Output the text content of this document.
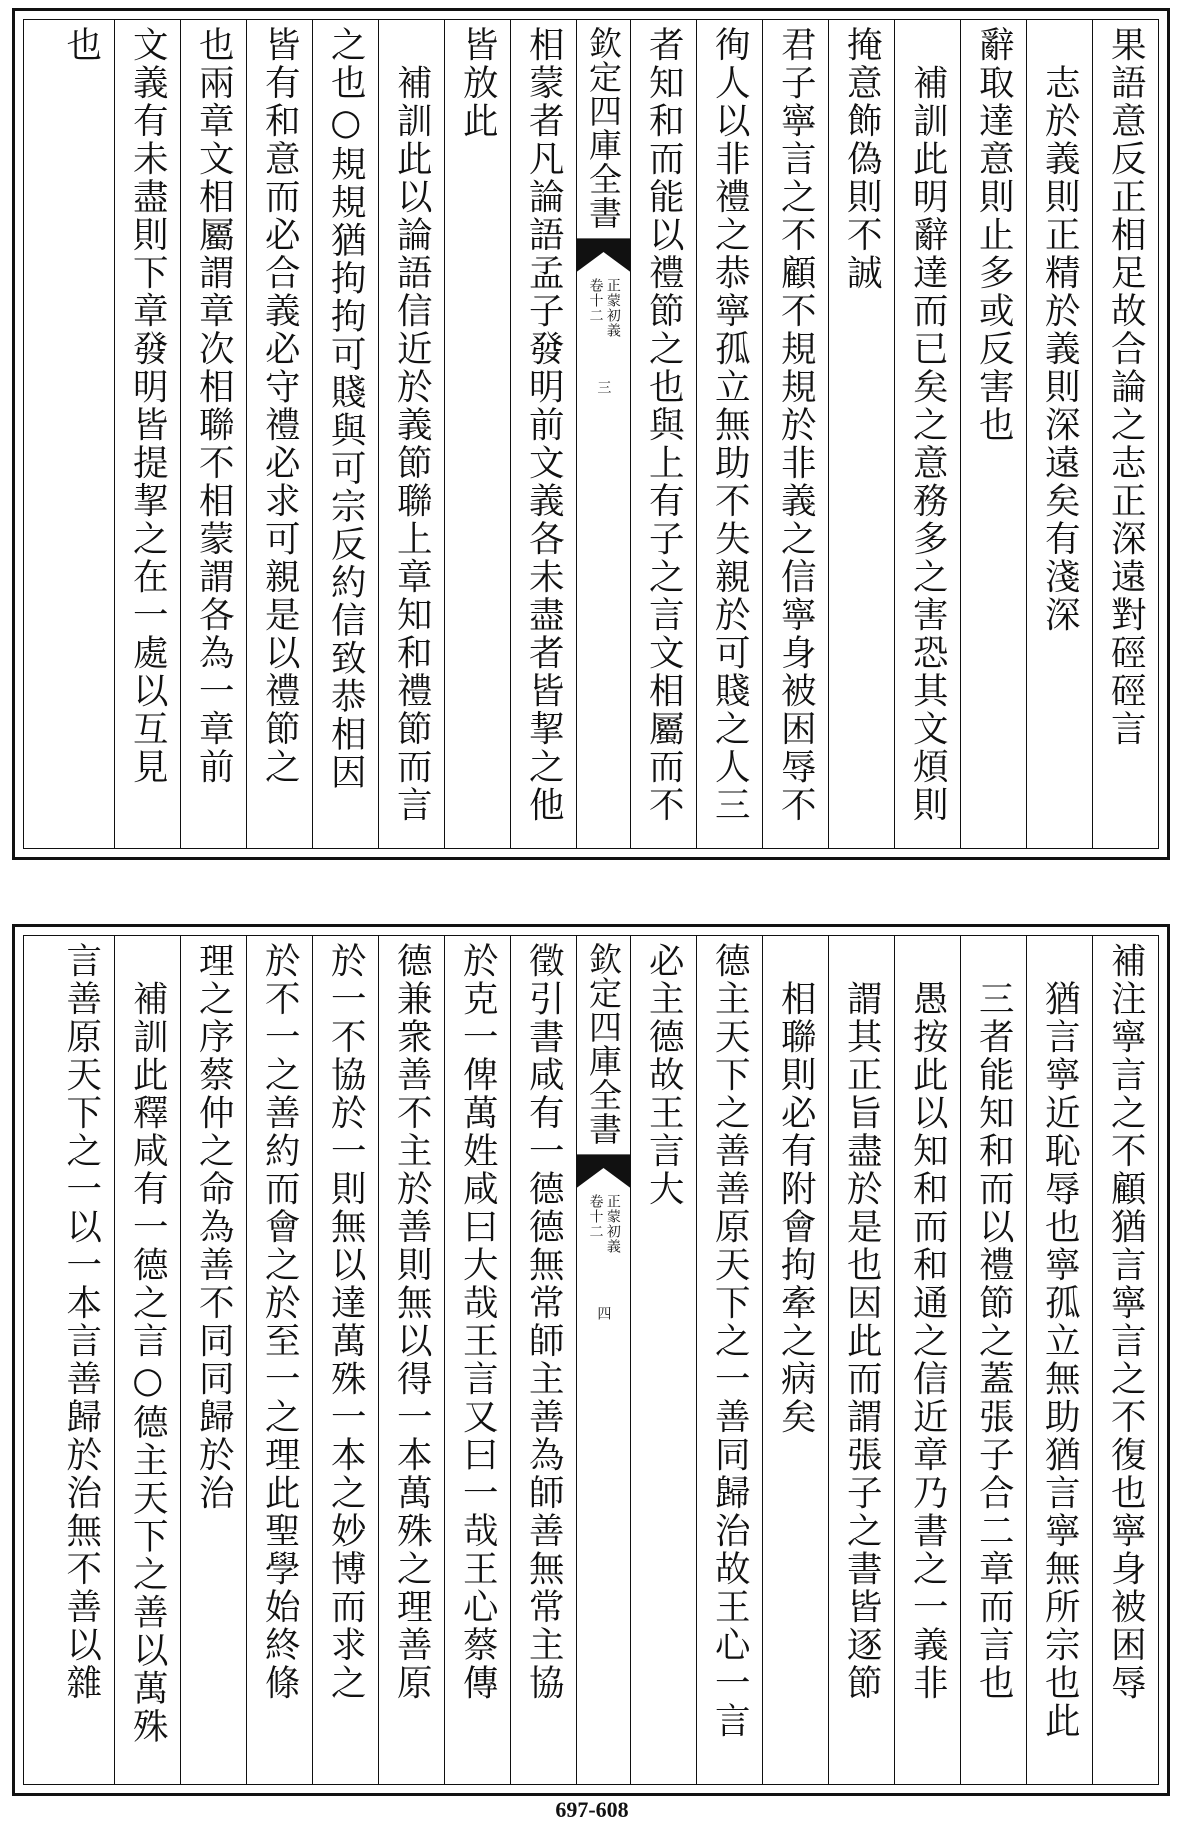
果語意反正相足故合論之志正深遠對硜硜言
志於義則正精於義則深遠矣有淺深
辭取達意則止多或反害也
補訓此明辭達而已矣之意務多之害恐其文煩則
掩意飾偽則不誠
君子寧言之不顧不規規於非義之信寧身被困辱不
徇人以非禮之恭寧孤立無助不失親於可賤之人三
者知和而能以禮節之也與上有子之言文相屬而不
欽定四庫全書
正蒙初義
卷十二
三
相蒙者凡論語孟子發明前文義各未盡者皆挈之他
皆放此
補訓此以論語信近於義節聯上章知和禮節而言
之也○規規猶拘拘可賤與可宗反約信致恭相因
皆有和意而必合義必守禮必求可親是以禮節之
也兩章文相屬謂章次相聯不相蒙謂各為一章前
文義有未盡則下章發明皆提挈之在一處以互見
也
補注寧言之不顧猶言寧言之不復也寧身被困辱
猶言寧近恥辱也寧孤立無助猶言寧無所宗也此
三者能知和而以禮節之蓋張子合二章而言也
愚按此以知和而和通之信近章乃書之一義非
謂其正旨盡於是也因此而謂張子之書皆逐節
相聯則必有附會拘牽之病矣
德主天下之善善原天下之一善同歸治故王心一言
必主德故王言大
欽定四庫全書
正蒙初義
卷十二
四
徵引書咸有一德德無常師主善為師善無常主協
於克一俾萬姓咸曰大哉王言又曰一哉王心蔡傳
德兼衆善不主於善則無以得一本萬殊之理善原
於一不協於一則無以達萬殊一本之妙博而求之
於不一之善約而會之於至一之理此聖學始終條
理之序蔡仲之命為善不同同歸於治
補訓此釋咸有一德之言○德主天下之善以萬殊
言善原天下之一以一本言善歸於治無不善以雜
697-608
